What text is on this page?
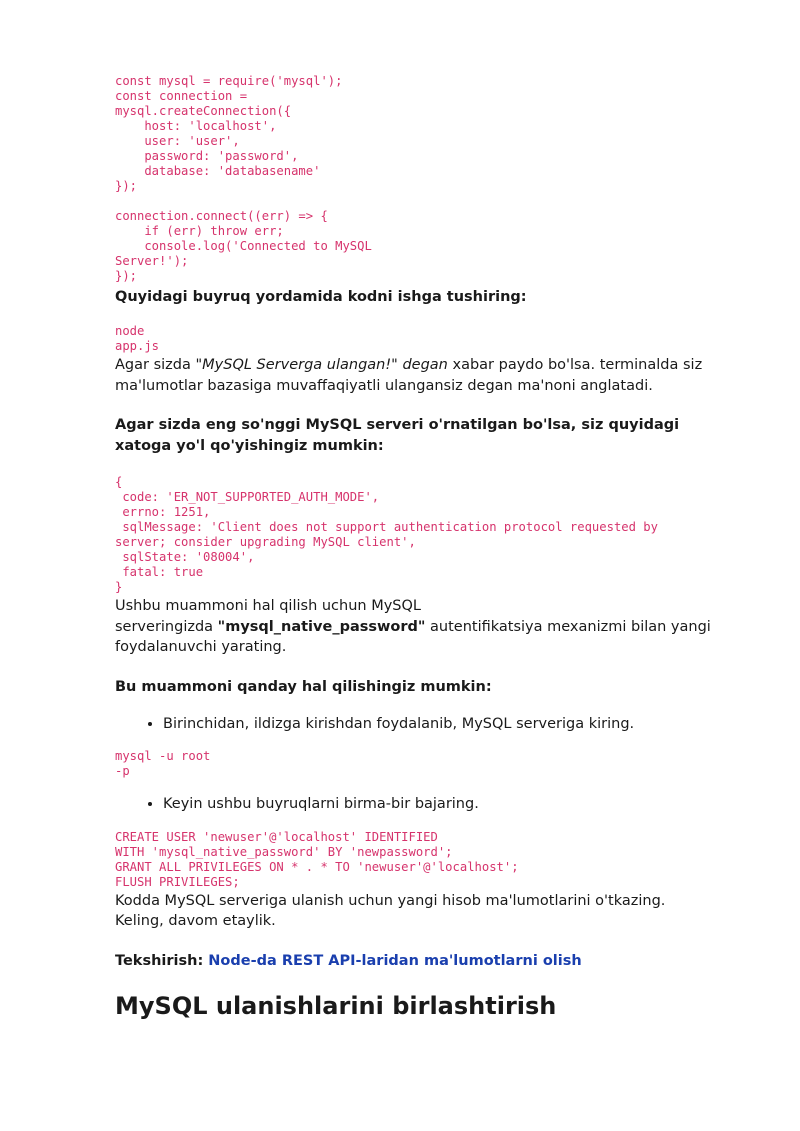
const mysql = require('mysql');
const connection =
mysql.createConnection({
host: 'localhost',
user: 'user',
password: 'password',
database: 'databasename'
});

connection.connect((err) => {
if (err) throw err;
console.log('Connected to MySQL
Server!');
});

Quyidagi buyruq yordamida kodni ishga tushiring:

node
app.js

Agar sizda "MySQL Serverga ulangan!" degan xabar paydo bo'lsa. terminalda siz ma'lumotlar bazasiga muvaffaqiyatli ulangansiz degan ma'noni anglatadi.

Agar sizda eng so'nggi MySQL serveri o'rnatilgan bo'lsa, siz quyidagi xatoga yo'l qo'yishingiz mumkin:

{
code: 'ER_NOT_SUPPORTED_AUTH_MODE',
errno: 1251,
sqlMessage: 'Client does not support authentication protocol requested by
server; consider upgrading MySQL client',
sqlState: '08004',
fatal: true
}

Ushbu muammoni hal qilish uchun MySQL
serveringizda "mysql_native_password" autentifikatsiya mexanizmi bilan yangi foydalanuvchi yarating.

Bu muammoni qanday hal qilishingiz mumkin:

• Birinchidan, ildizga kirishdan foydalanib, MySQL serveriga kiring.
mysql -u root
-p
• Keyin ushbu buyruqlarni birma-bir bajaring.
CREATE USER 'newuser'@'localhost' IDENTIFIED
WITH 'mysql_native_password' BY 'newpassword';
GRANT ALL PRIVILEGES ON * . * TO 'newuser'@'localhost';
FLUSH PRIVILEGES;

Kodda MySQL serveriga ulanish uchun yangi hisob ma'lumotlarini o'tkazing. Keling, davom etaylik.

Tekshirish: Node-da REST API-laridan ma'lumotlarni olish

MySQL ulanishlarini birlashtirish
